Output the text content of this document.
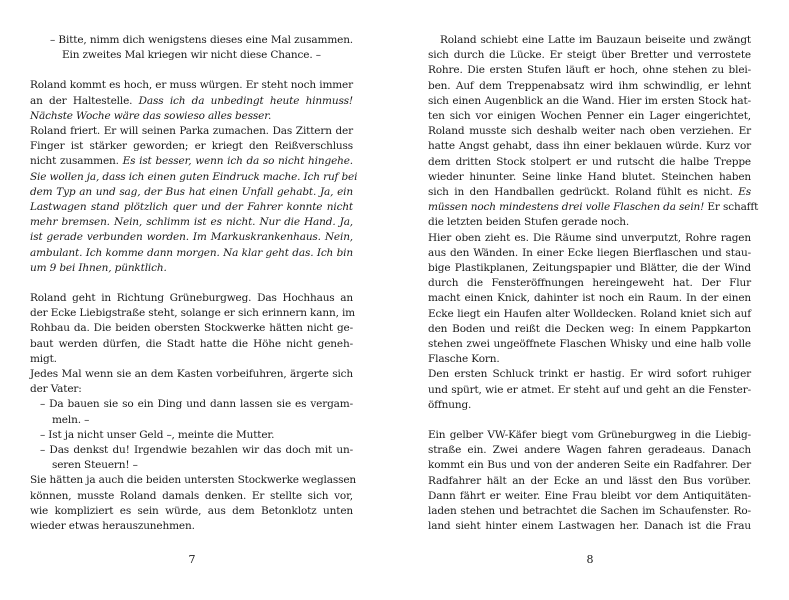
– Bitte, nimm dich wenigstens dieses eine Mal zusammen.
Ein zweites Mal kriegen wir nicht diese Chance. –
Roland kommt es hoch, er muss würgen. Er steht noch immer
an der Haltestelle. Dass ich da unbedingt heute hinmuss!
Nächste Woche wäre das sowieso alles besser.
Roland friert. Er will seinen Parka zumachen. Das Zittern der
Finger ist stärker geworden; er kriegt den Reißverschluss
nicht zusammen. Es ist besser, wenn ich da so nicht hingehe.
Sie wollen ja, dass ich einen guten Eindruck mache. Ich ruf bei
dem Typ an und sag, der Bus hat einen Unfall gehabt. Ja, ein
Lastwagen stand plötzlich quer und der Fahrer konnte nicht
mehr bremsen. Nein, schlimm ist es nicht. Nur die Hand. Ja,
ist gerade verbunden worden. Im Markuskrankenhaus. Nein,
ambulant. Ich komme dann morgen. Na klar geht das. Ich bin
um 9 bei Ihnen, pünktlich.
Roland geht in Richtung Grüneburgweg. Das Hochhaus an
der Ecke Liebigstraße steht, solange er sich erinnern kann, im
Rohbau da. Die beiden obersten Stockwerke hätten nicht ge-
baut werden dürfen, die Stadt hatte die Höhe nicht geneh-
migt.
Jedes Mal wenn sie an dem Kasten vorbeifuhren, ärgerte sich
der Vater:
– Da bauen sie so ein Ding und dann lassen sie es vergam-
meln. –
– Ist ja nicht unser Geld –, meinte die Mutter.
– Das denkst du! Irgendwie bezahlen wir das doch mit un-
seren Steuern! –
Sie hätten ja auch die beiden untersten Stockwerke weglassen
können, musste Roland damals denken. Er stellte sich vor,
wie kompliziert es sein würde, aus dem Betonklotz unten
wieder etwas herauszunehmen.
Roland schiebt eine Latte im Bauzaun beiseite und zwängt
sich durch die Lücke. Er steigt über Bretter und verrostete
Rohre. Die ersten Stufen läuft er hoch, ohne stehen zu blei-
ben. Auf dem Treppenabsatz wird ihm schwindlig, er lehnt
sich einen Augenblick an die Wand. Hier im ersten Stock hat-
ten sich vor einigen Wochen Penner ein Lager eingerichtet,
Roland musste sich deshalb weiter nach oben verziehen. Er
hatte Angst gehabt, dass ihn einer beklauen würde. Kurz vor
dem dritten Stock stolpert er und rutscht die halbe Treppe
wieder hinunter. Seine linke Hand blutet. Steinchen haben
sich in den Handballen gedrückt. Roland fühlt es nicht. Es
müssen noch mindestens drei volle Flaschen da sein! Er schafft
die letzten beiden Stufen gerade noch.
Hier oben zieht es. Die Räume sind unverputzt, Rohre ragen
aus den Wänden. In einer Ecke liegen Bierflaschen und stau-
bige Plastikplanen, Zeitungspapier und Blätter, die der Wind
durch die Fensteröffnungen hereingeweht hat. Der Flur
macht einen Knick, dahinter ist noch ein Raum. In der einen
Ecke liegt ein Haufen alter Wolldecken. Roland kniet sich auf
den Boden und reißt die Decken weg: In einem Pappkarton
stehen zwei ungeöffnete Flaschen Whisky und eine halb volle
Flasche Korn.
Den ersten Schluck trinkt er hastig. Er wird sofort ruhiger
und spürt, wie er atmet. Er steht auf und geht an die Fenster-
öffnung.
Ein gelber VW-Käfer biegt vom Grüneburgweg in die Liebig-
straße ein. Zwei andere Wagen fahren geradeaus. Danach
kommt ein Bus und von der anderen Seite ein Radfahrer. Der
Radfahrer hält an der Ecke an und lässt den Bus vorüber.
Dann fährt er weiter. Eine Frau bleibt vor dem Antiquitäten-
laden stehen und betrachtet die Sachen im Schaufenster. Ro-
land sieht hinter einem Lastwagen her. Danach ist die Frau
7	8
